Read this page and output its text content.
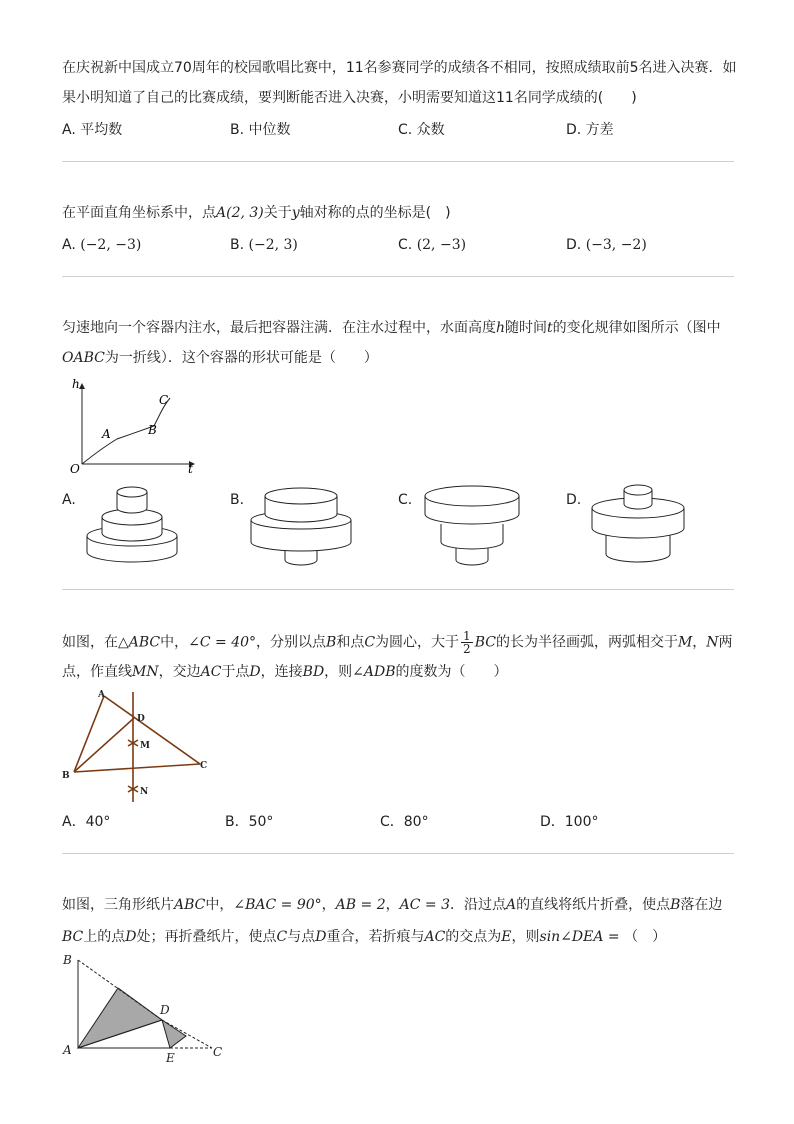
在庆祝新中国成立70周年的校园歌唱比赛中，11名参赛同学的成绩各不相同，按照成绩取前5名进入决赛．如
果小明知道了自己的比赛成绩，要判断能否进入决赛，小明需要知道这11名同学成绩的(　　)
A. 平均数	B. 中位数	C. 众数	D. 方差
在平面直角坐标系中，点A(2, 3)关于y轴对称的点的坐标是(　)
A. (−2, −3)	B. (−2, 3)	C. (2, −3)	D. (−3, −2)
匀速地向一个容器内注水，最后把容器注满．在注水过程中，水面高度h随时间t的变化规律如图所示（图中
OABC为一折线）．这个容器的形状可能是（　　）
h
t
O
A	B
C
A.	B.	C.	D.
如图，在△ABC中，∠C = 40°，分别以点B和点C为圆心，大于 $\frac{1}{2}$ BC的长为半径画弧，两弧相交于M，N两
点，作直线MN，交边AC于点D，连接BD，则∠ADB的度数为（　　）
A
B
C
D
M
N
A．40°	B．50°	C．80°	D．100°
如图，三角形纸片ABC中，∠BAC = 90°，AB = 2，AC = 3．沿过点A的直线将纸片折叠，使点B落在边
BC上的点D处；再折叠纸片，使点C与点D重合，若折痕与AC的交点为E，则sin∠DEA = （　）
B
A
D
E	C
